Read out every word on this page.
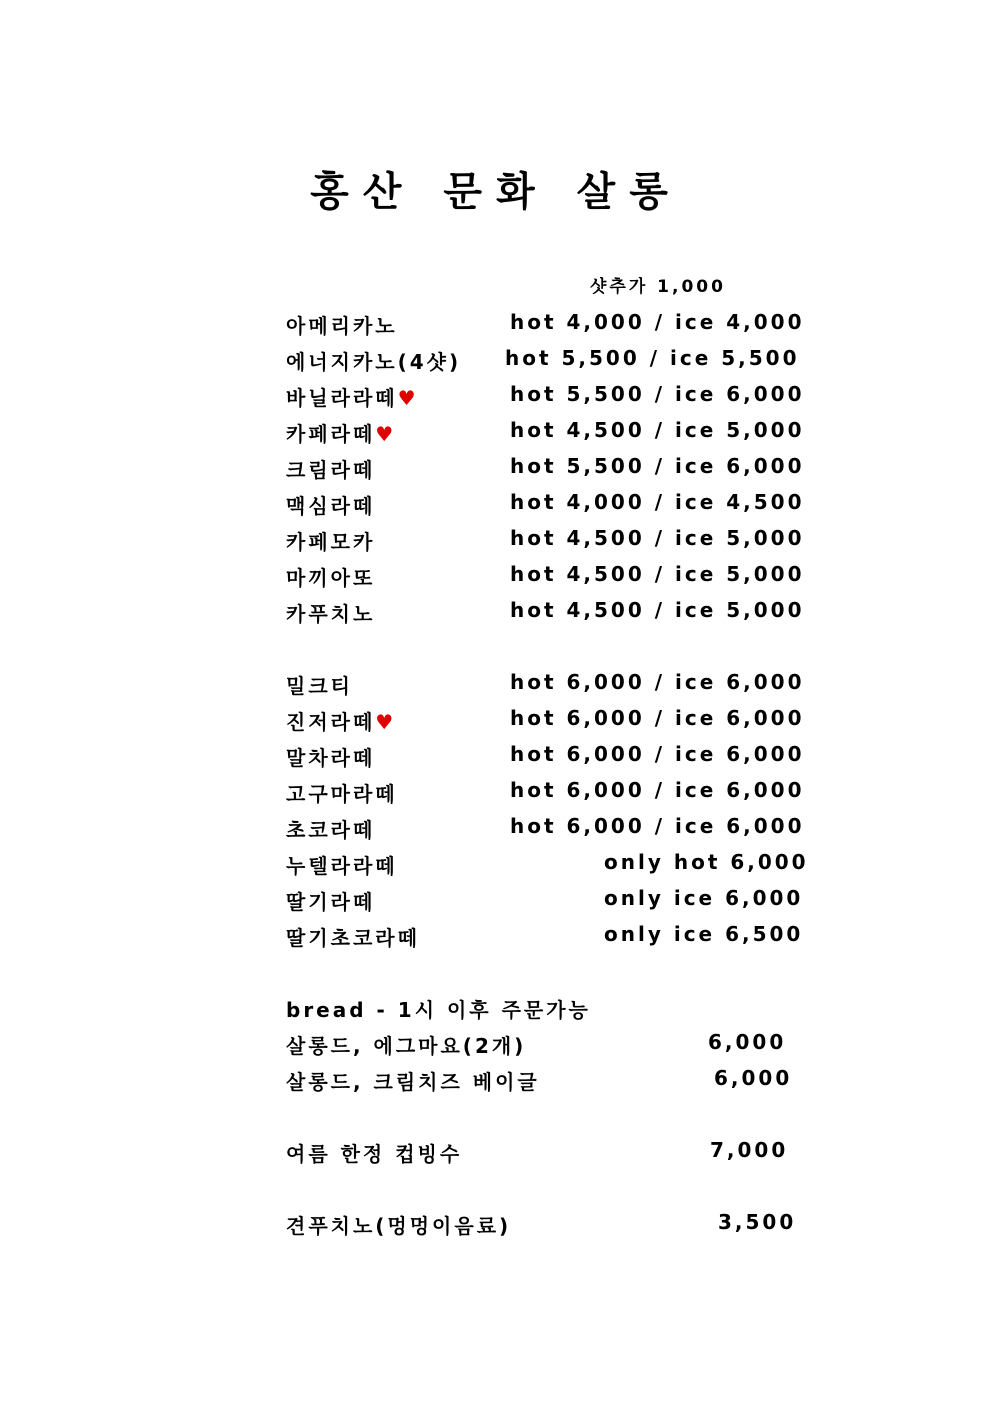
홍산 문화 살롱
샷추가 1,000
아메리카노	hot 4,000 / ice 4,000
에너지카노(4샷) hot 5,500 / ice 5,500
바닐라라떼♥	hot 5,500 / ice 6,000
카페라떼♥	hot 4,500 / ice 5,000
크림라떼	hot 5,500 / ice 6,000
맥심라떼	hot 4,000 / ice 4,500
카페모카	hot 4,500 / ice 5,000
마끼아또	hot 4,500 / ice 5,000
카푸치노	hot 4,500 / ice 5,000
밀크티	hot 6,000 / ice 6,000
진저라떼♥	hot 6,000 / ice 6,000
말차라떼	hot 6,000 / ice 6,000
고구마라떼	hot 6,000 / ice 6,000
초코라떼	hot 6,000 / ice 6,000
누텔라라떼	only hot 6,000
딸기라떼	only ice 6,000
딸기초코라떼	only ice 6,500
bread - 1시 이후 주문가능
살롱드, 에그마요(2개)	6,000
살롱드, 크림치즈 베이글	6,000
여름 한정 컵빙수	7,000
견푸치노(멍멍이음료)	3,500
